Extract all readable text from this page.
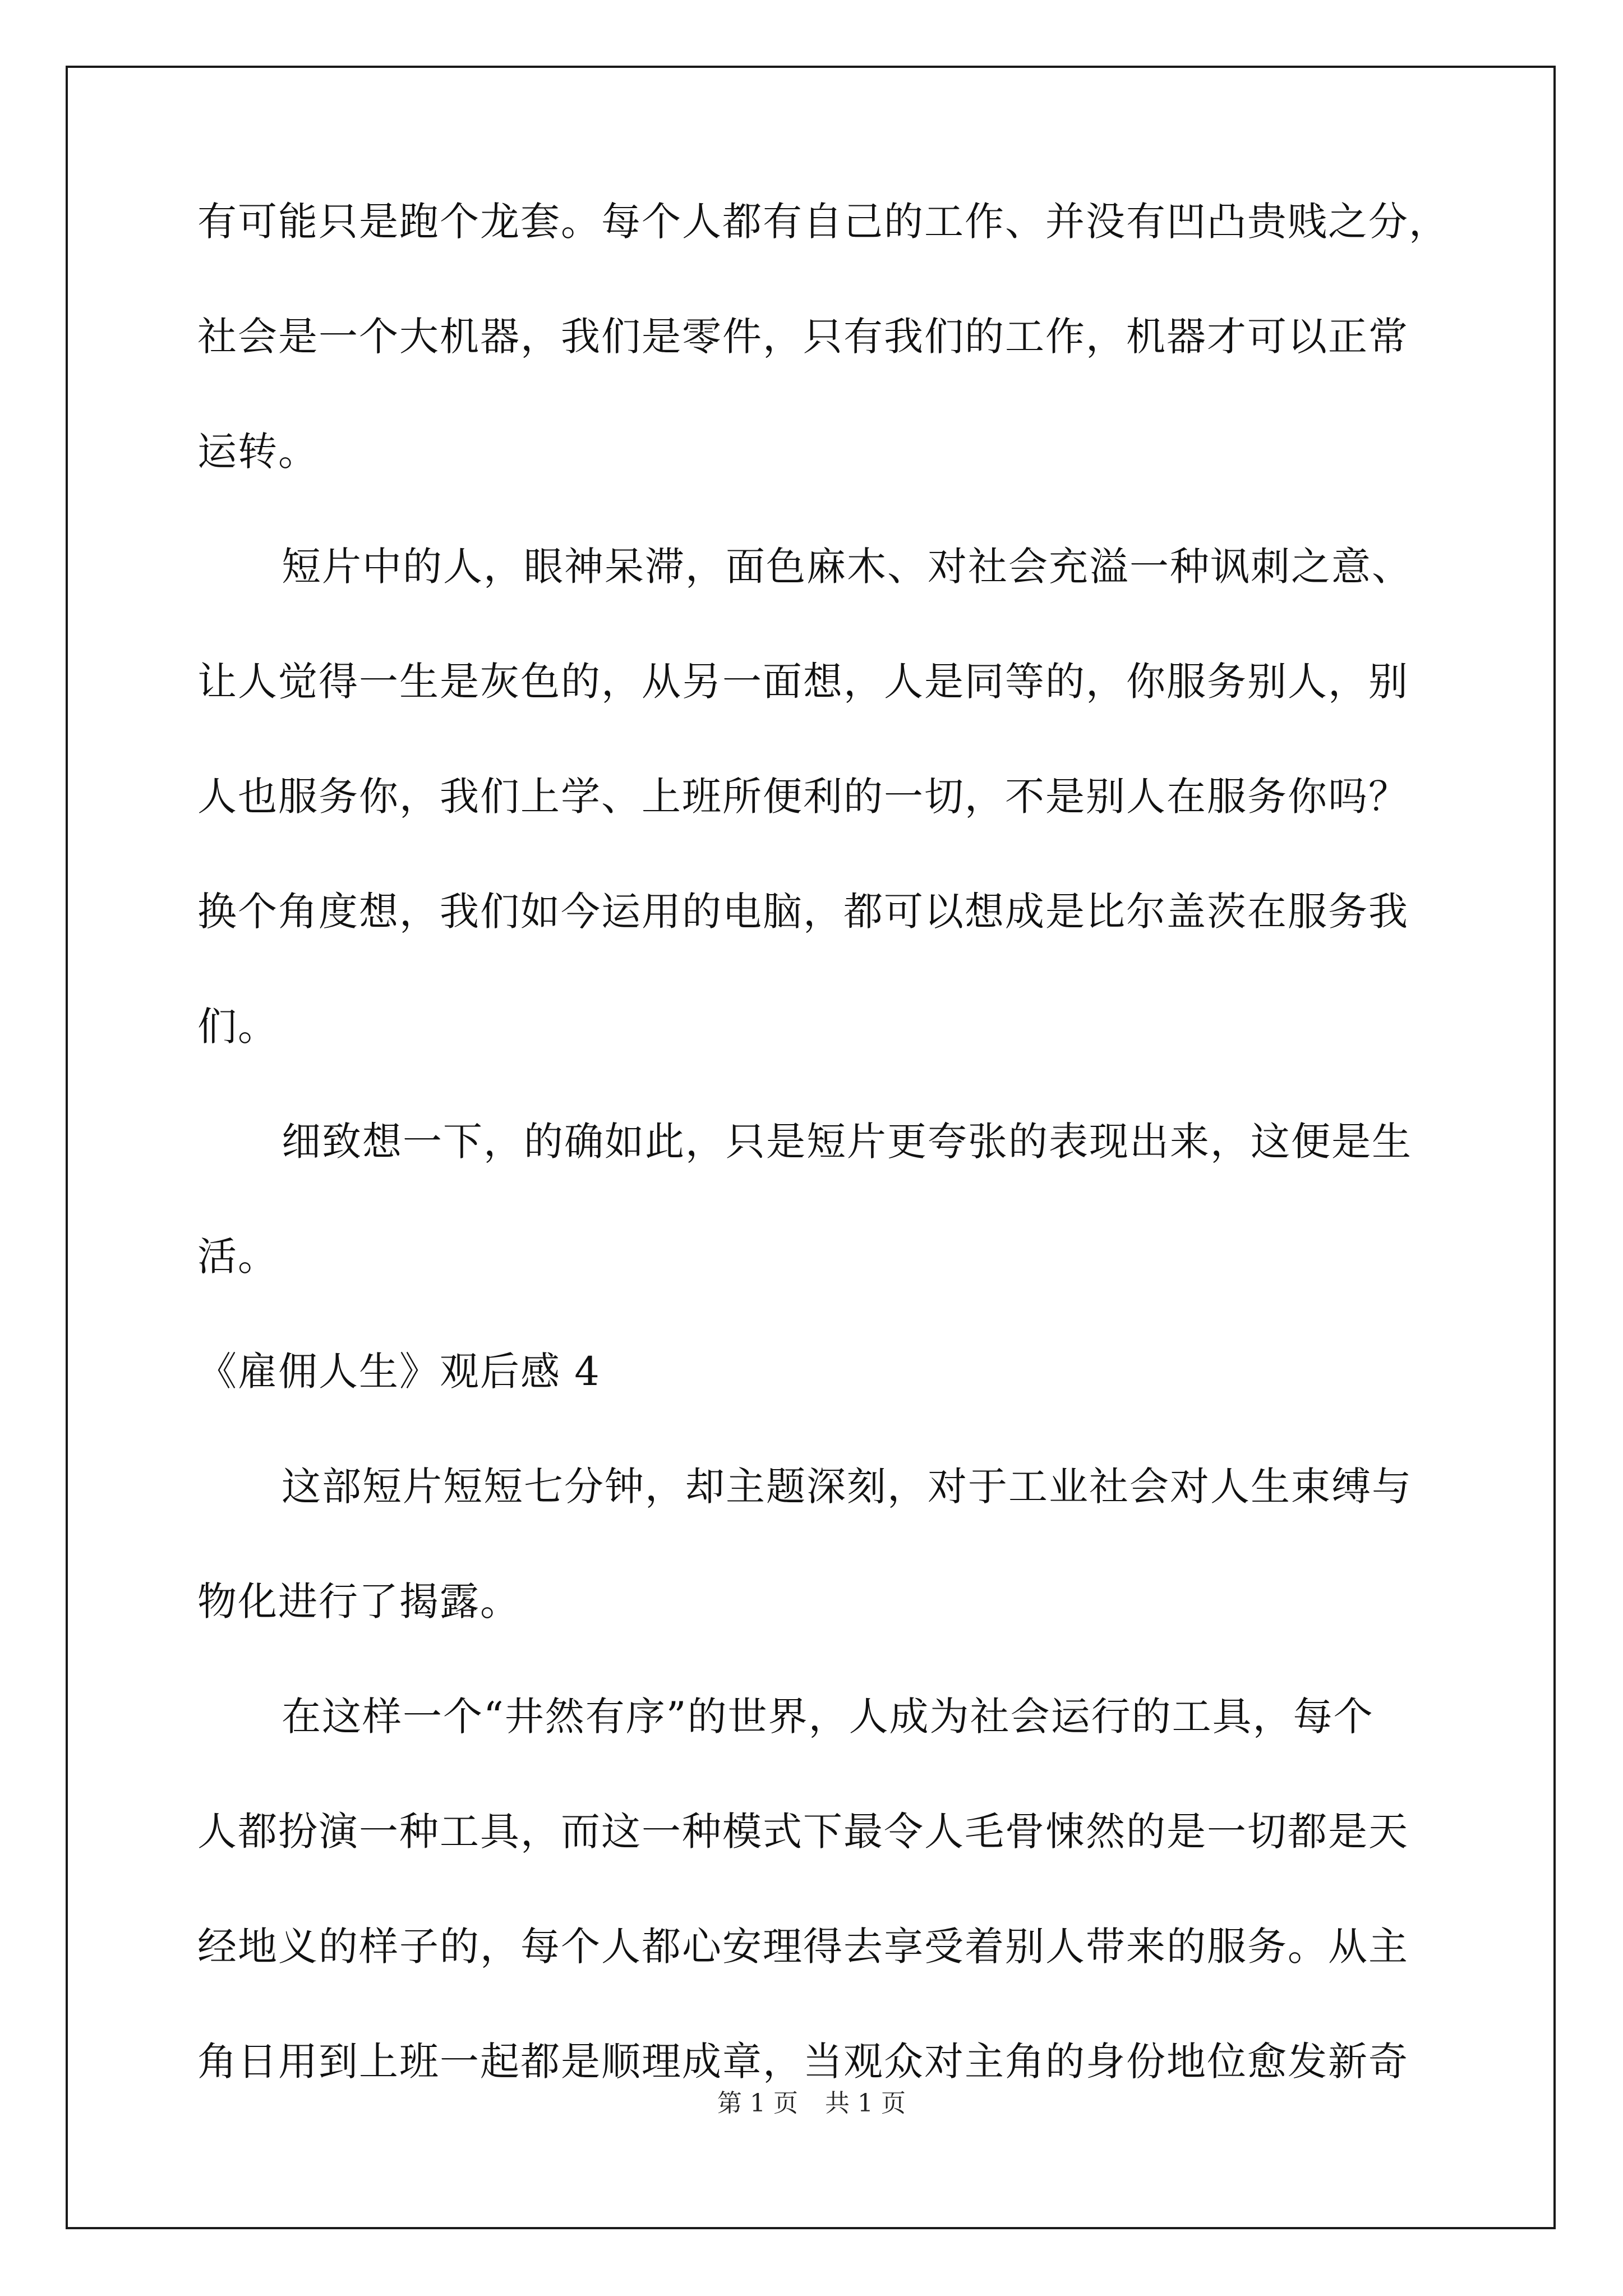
有可能只是跑个龙套。每个人都有自己的工作、并没有凹凸贵贱之分，
社会是一个大机器，我们是零件，只有我们的工作，机器才可以正常
运转。
短片中的人，眼神呆滞，面色麻木、对社会充溢一种讽刺之意、
让人觉得一生是灰色的，从另一面想，人是同等的，你服务别人，别
人也服务你，我们上学、上班所便利的一切，不是别人在服务你吗？
换个角度想，我们如今运用的电脑，都可以想成是比尔盖茨在服务我
们。
细致想一下，的确如此，只是短片更夸张的表现出来，这便是生
活。
《雇佣人生》观后感 4
这部短片短短七分钟，却主题深刻，对于工业社会对人生束缚与
物化进行了揭露。
在这样一个“井然有序”的世界，人成为社会运行的工具，每个
人都扮演一种工具，而这一种模式下最令人毛骨悚然的是一切都是天
经地义的样子的，每个人都心安理得去享受着别人带来的服务。从主
角日用到上班一起都是顺理成章，当观众对主角的身份地位愈发新奇
第 1 页 共 1 页
